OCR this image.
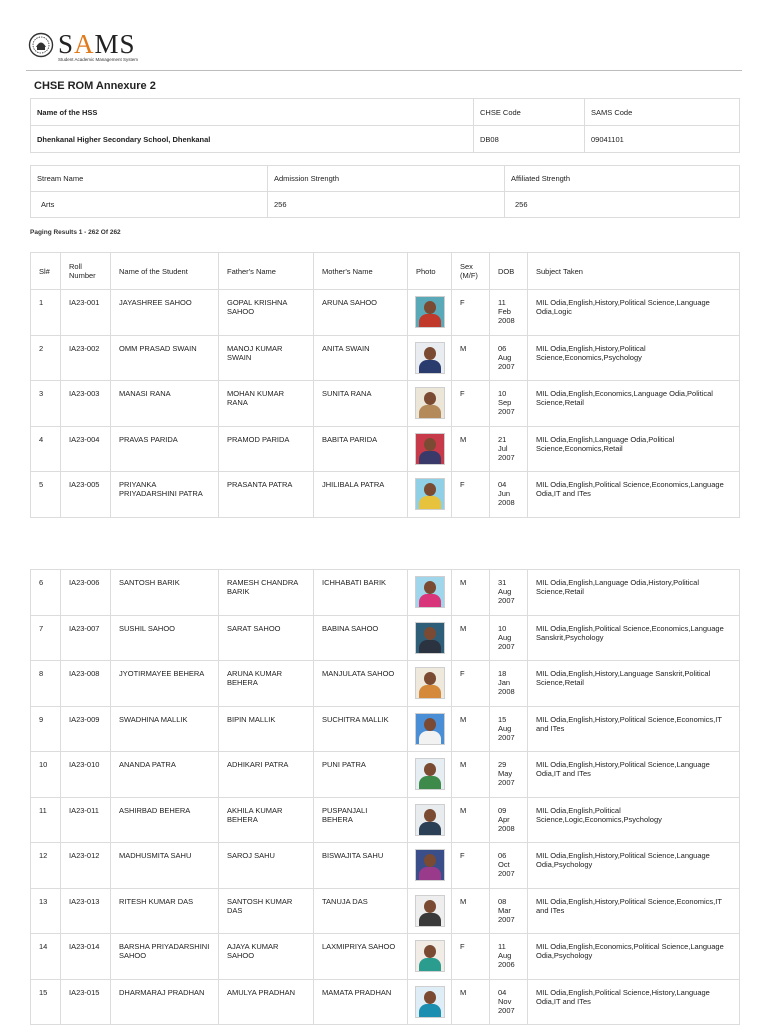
SAMS
Student Academic Management System
CHSE ROM Annexure 2
Name of the HSS	CHSE Code	SAMS Code
Dhenkanal Higher Secondary School, Dhenkanal	DB08	09041101
Stream Name	Admission Strength	Affiliated Strength
Arts	256	256
Paging Results 1 - 262 Of 262
Sl#	Roll Number	Name of the Student	Father's Name	Mother's Name	Photo	Sex (M/F)	DOB	Subject Taken
1	IA23-001	JAYASHREE SAHOO	GOPAL KRISHNA SAHOO	ARUNA SAHOO		F	11 Feb 2008	MIL Odia,English,History,Political Science,Language Odia,Logic
2	IA23-002	OMM PRASAD SWAIN	MANOJ KUMAR SWAIN	ANITA SWAIN		M	06 Aug 2007	MIL Odia,English,History,Political Science,Economics,Psychology
3	IA23-003	MANASI RANA	MOHAN KUMAR RANA	SUNITA RANA		F	10 Sep 2007	MIL Odia,English,Economics,Language Odia,Political Science,Retail
4	IA23-004	PRAVAS PARIDA	PRAMOD PARIDA	BABITA PARIDA		M	21 Jul 2007	MIL Odia,English,Language Odia,Political Science,Economics,Retail
5	IA23-005	PRIYANKA PRIYADARSHINI PATRA	PRASANTA PATRA	JHILIBALA PATRA		F	04 Jun 2008	MIL Odia,English,Political Science,Economics,Language Odia,IT and ITes
6	IA23-006	SANTOSH BARIK	RAMESH CHANDRA BARIK	ICHHABATI BARIK		M	31 Aug 2007	MIL Odia,English,Language Odia,History,Political Science,Retail
7	IA23-007	SUSHIL SAHOO	SARAT SAHOO	BABINA SAHOO		M	10 Aug 2007	MIL Odia,English,Political Science,Economics,Language Sanskrit,Psychology
8	IA23-008	JYOTIRMAYEE BEHERA	ARUNA KUMAR BEHERA	MANJULATA SAHOO		F	18 Jan 2008	MIL Odia,English,History,Language Sanskrit,Political Science,Retail
9	IA23-009	SWADHINA MALLIK	BIPIN MALLIK	SUCHITRA MALLIK		M	15 Aug 2007	MIL Odia,English,History,Political Science,Economics,IT and ITes
10	IA23-010	ANANDA PATRA	ADHIKARI PATRA	PUNI PATRA		M	29 May 2007	MIL Odia,English,History,Political Science,Language Odia,IT and ITes
11	IA23-011	ASHIRBAD BEHERA	AKHILA KUMAR BEHERA	PUSPANJALI BEHERA		M	09 Apr 2008	MIL Odia,English,Political Science,Logic,Economics,Psychology
12	IA23-012	MADHUSMITA SAHU	SAROJ SAHU	BISWAJITA SAHU		F	06 Oct 2007	MIL Odia,English,History,Political Science,Language Odia,Psychology
13	IA23-013	RITESH KUMAR DAS	SANTOSH KUMAR DAS	TANUJA DAS		M	08 Mar 2007	MIL Odia,English,History,Political Science,Economics,IT and ITes
14	IA23-014	BARSHA PRIYADARSHINI SAHOO	AJAYA KUMAR SAHOO	LAXMIPRIYA SAHOO		F	11 Aug 2006	MIL Odia,English,Economics,Political Science,Language Odia,Psychology
15	IA23-015	DHARMARAJ PRADHAN	AMULYA PRADHAN	MAMATA PRADHAN		M	04 Nov 2007	MIL Odia,English,Political Science,History,Language Odia,IT and ITes
